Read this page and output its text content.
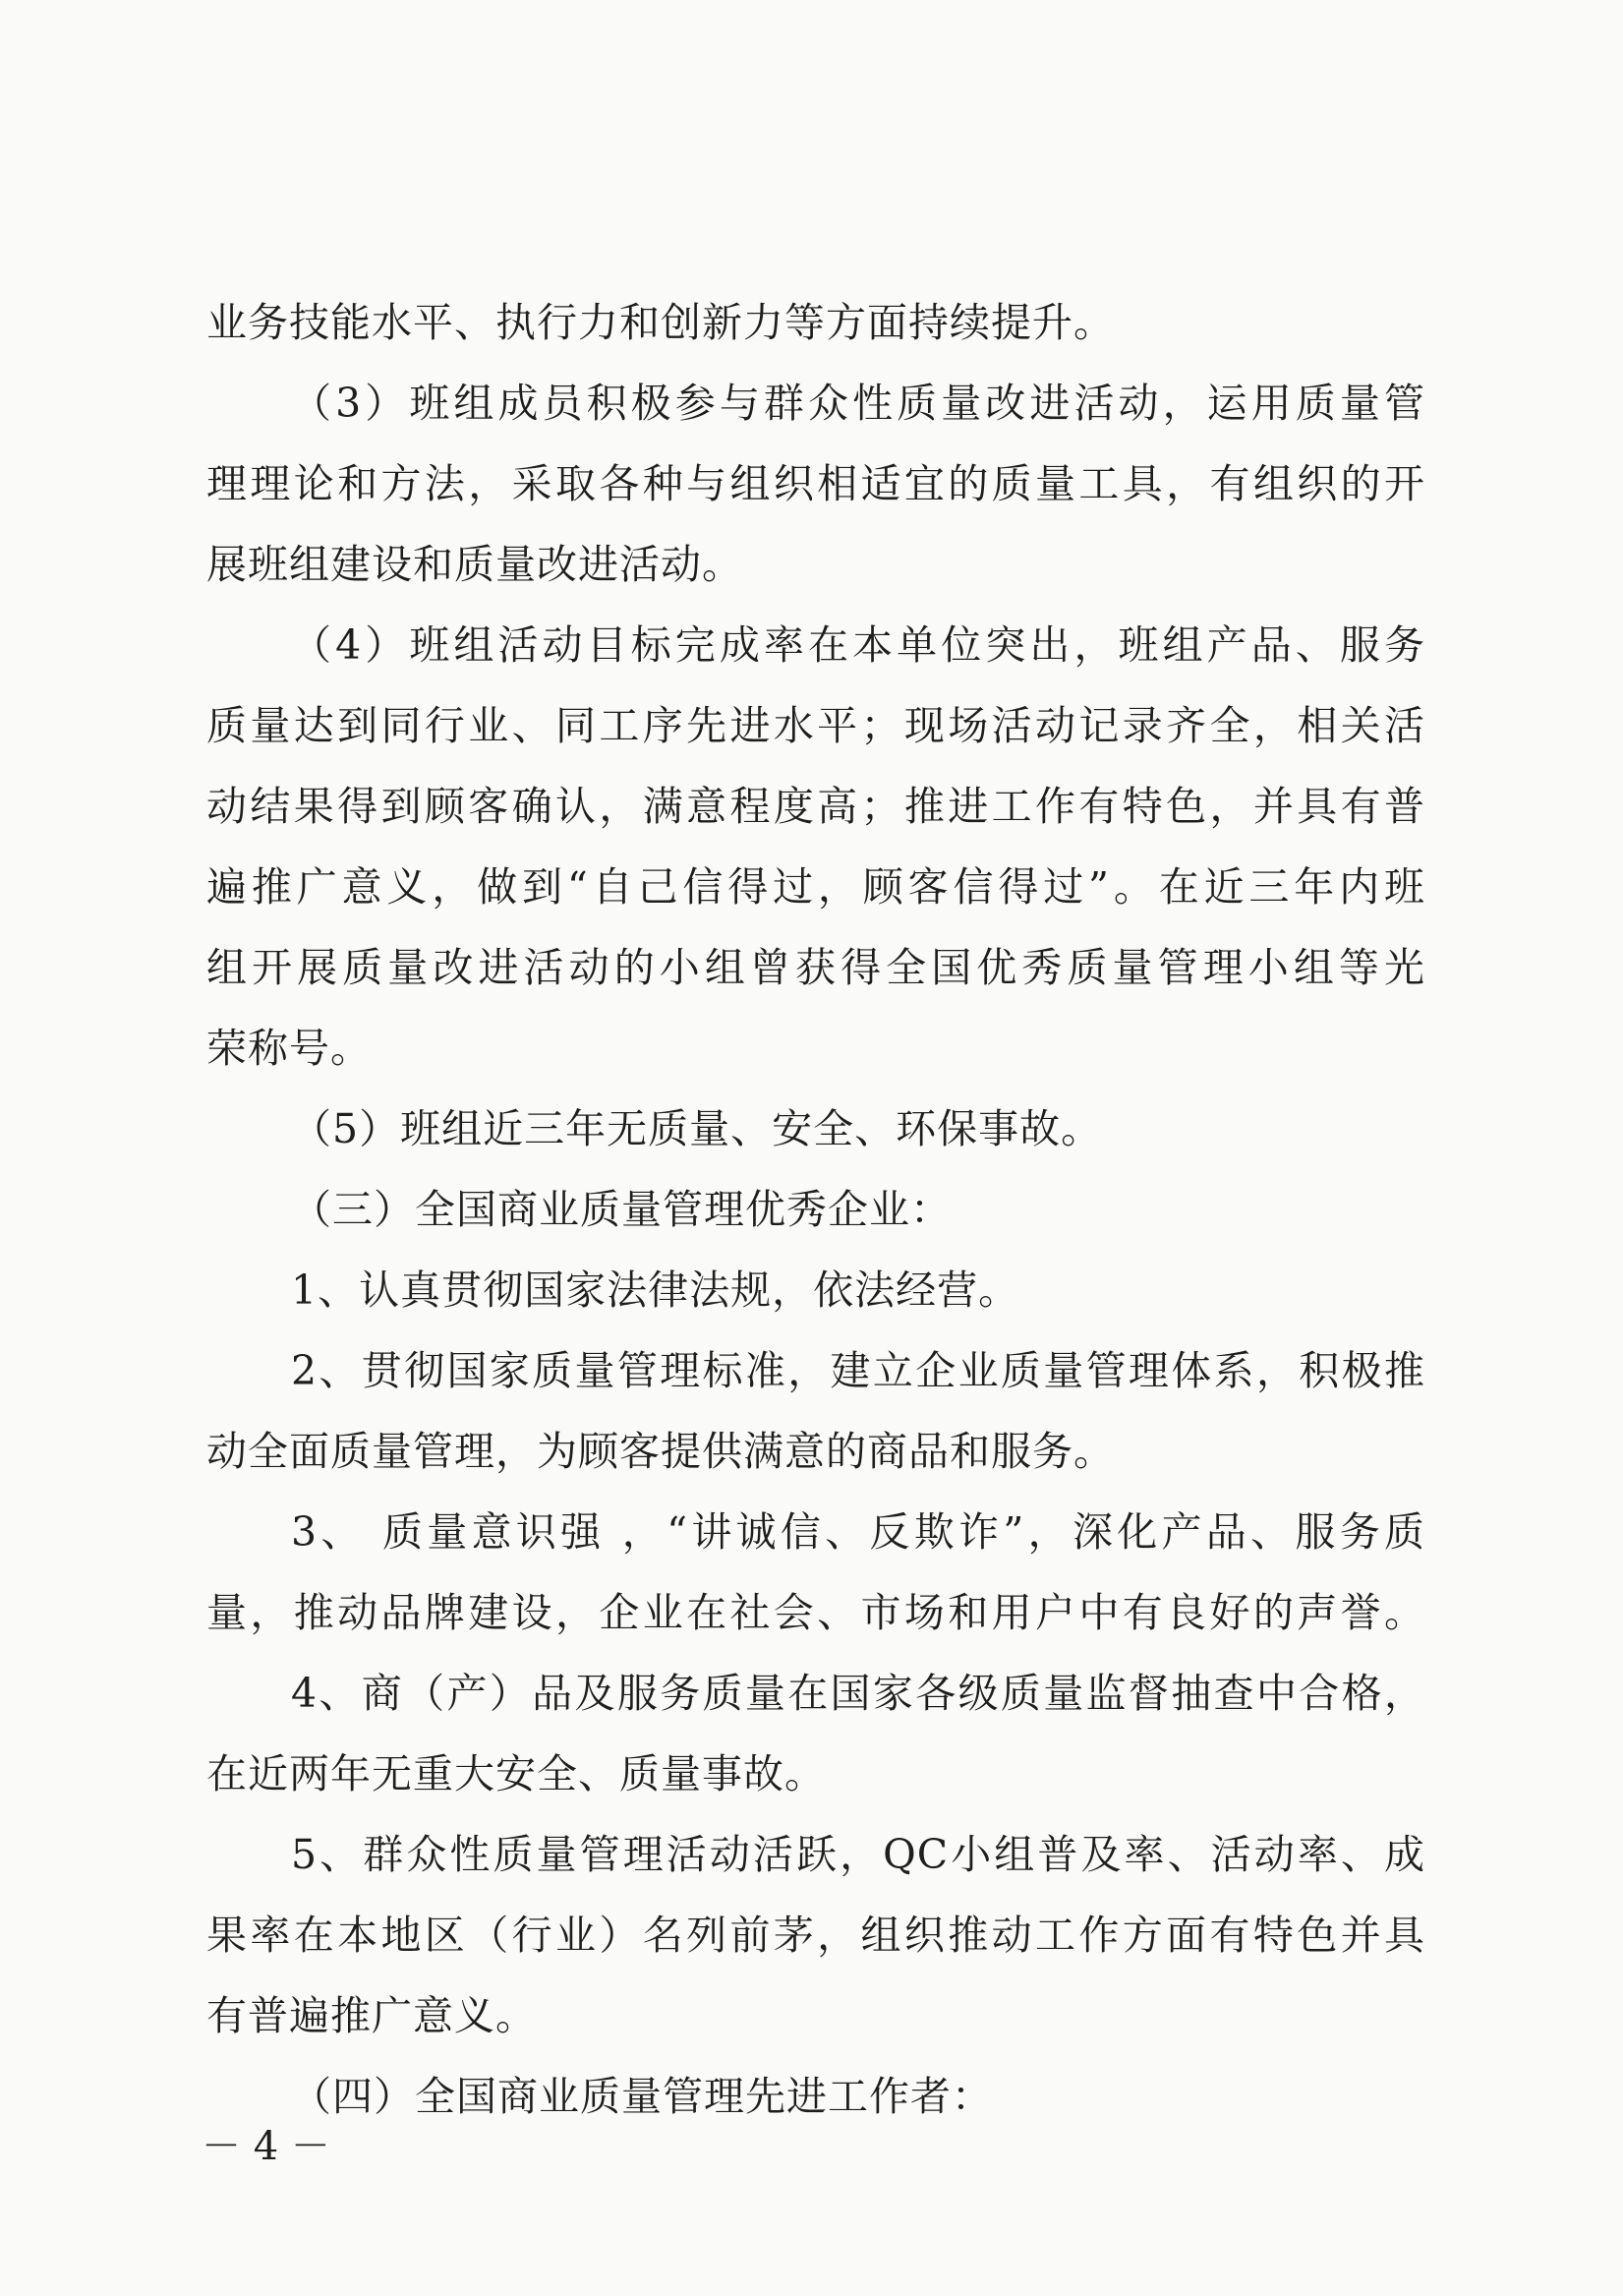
业务技能水平、执行力和创新力等方面持续提升。
（3）班组成员积极参与群众性质量改进活动，运用质量管
理理论和方法，采取各种与组织相适宜的质量工具，有组织的开
展班组建设和质量改进活动。
（4）班组活动目标完成率在本单位突出，班组产品、服务
质量达到同行业、同工序先进水平；现场活动记录齐全，相关活
动结果得到顾客确认，满意程度高；推进工作有特色，并具有普
遍推广意义，做到“自己信得过，顾客信得过”。在近三年内班
组开展质量改进活动的小组曾获得全国优秀质量管理小组等光
荣称号。
（5）班组近三年无质量、安全、环保事故。
（三）全国商业质量管理优秀企业：
1、认真贯彻国家法律法规，依法经营。
2、贯彻国家质量管理标准，建立企业质量管理体系，积极推
动全面质量管理，为顾客提供满意的商品和服务。
3、 质量意识强 ，“讲诚信、反欺诈”，深化产品、服务质
量，推动品牌建设，企业在社会、市场和用户中有良好的声誉。
4、商（产）品及服务质量在国家各级质量监督抽查中合格，
在近两年无重大安全、质量事故。
5、群众性质量管理活动活跃，QC小组普及率、活动率、成
果率在本地区（行业）名列前茅，组织推动工作方面有特色并具
有普遍推广意义。
（四）全国商业质量管理先进工作者：
－ 4 －
